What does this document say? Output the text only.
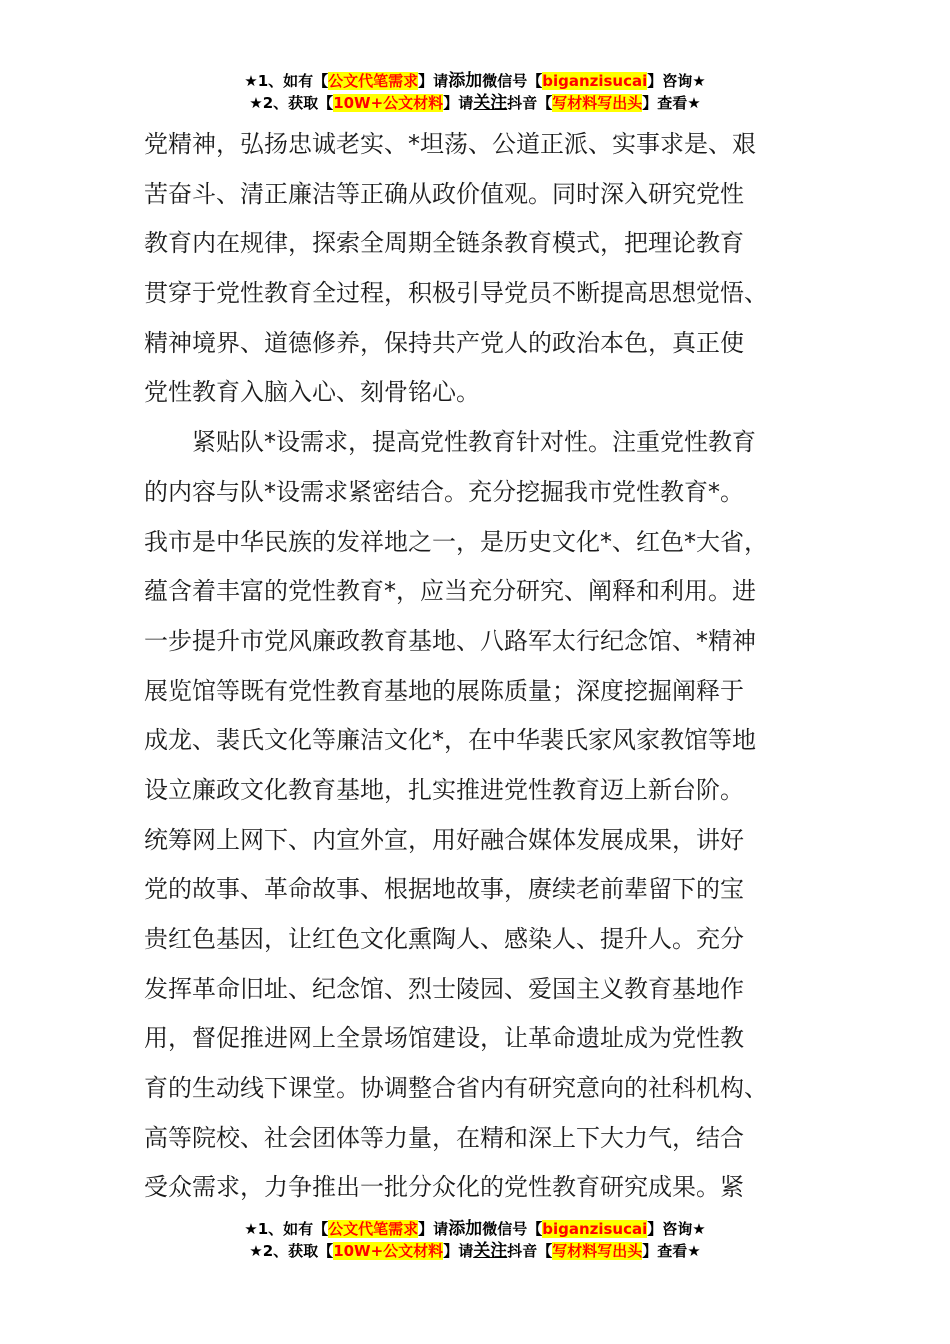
★1、如有【公文代笔需求】请添加微信号【biganzisucai】咨询★
★2、获取【10W+公文材料】请关注抖音【写材料写出头】查看★
党精神，弘扬忠诚老实、*坦荡、公道正派、实事求是、艰
苦奋斗、清正廉洁等正确从政价值观。同时深入研究党性
教育内在规律，探索全周期全链条教育模式，把理论教育
贯穿于党性教育全过程，积极引导党员不断提高思想觉悟、
精神境界、道德修养，保持共产党人的政治本色，真正使
党性教育入脑入心、刻骨铭心。
紧贴队*设需求，提高党性教育针对性。注重党性教育
的内容与队*设需求紧密结合。充分挖掘我市党性教育*。
我市是中华民族的发祥地之一，是历史文化*、红色*大省，
蕴含着丰富的党性教育*，应当充分研究、阐释和利用。进
一步提升市党风廉政教育基地、八路军太行纪念馆、*精神
展览馆等既有党性教育基地的展陈质量；深度挖掘阐释于
成龙、裴氏文化等廉洁文化*，在中华裴氏家风家教馆等地
设立廉政文化教育基地，扎实推进党性教育迈上新台阶。
统筹网上网下、内宣外宣，用好融合媒体发展成果，讲好
党的故事、革命故事、根据地故事，赓续老前辈留下的宝
贵红色基因，让红色文化熏陶人、感染人、提升人。充分
发挥革命旧址、纪念馆、烈士陵园、爱国主义教育基地作
用，督促推进网上全景场馆建设，让革命遗址成为党性教
育的生动线下课堂。协调整合省内有研究意向的社科机构、
高等院校、社会团体等力量，在精和深上下大力气，结合
受众需求，力争推出一批分众化的党性教育研究成果。紧
★1、如有【公文代笔需求】请添加微信号【biganzisucai】咨询★
★2、获取【10W+公文材料】请关注抖音【写材料写出头】查看★
